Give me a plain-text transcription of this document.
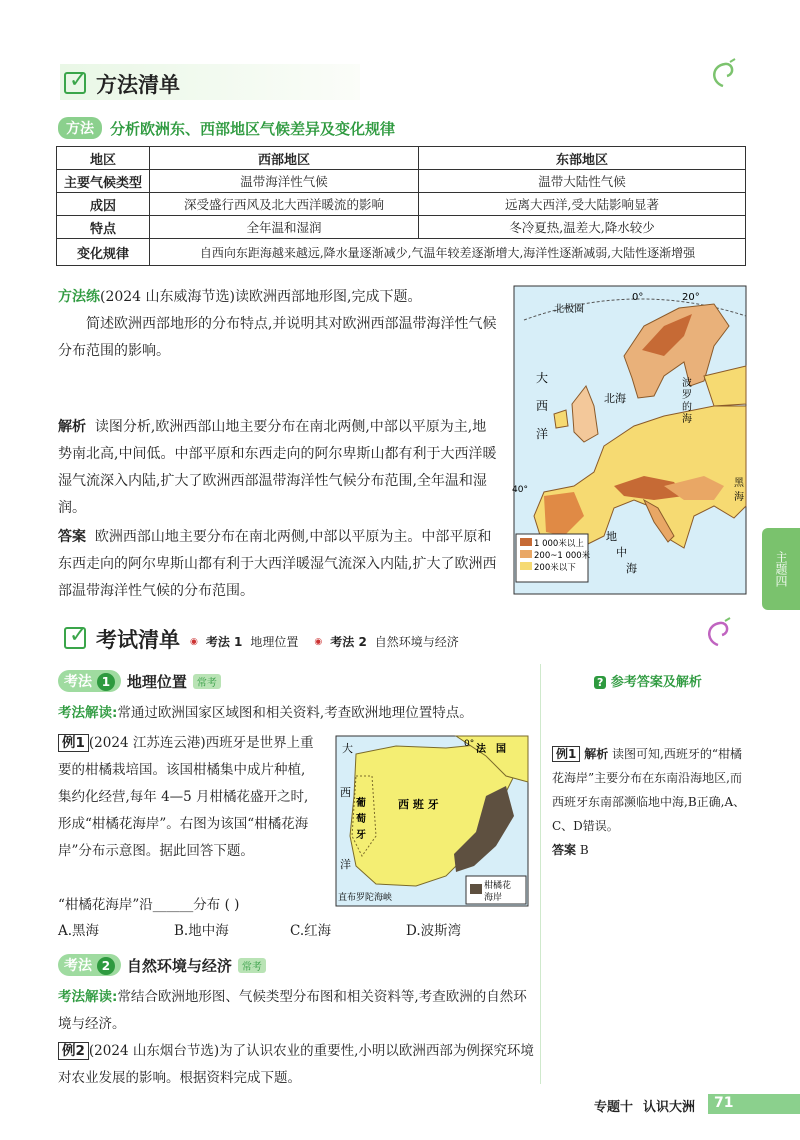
✓ 方法清单
方法	分析欧洲东、西部地区气候差异及变化规律
地区	西部地区	东部地区
主要气候类型	温带海洋性气候	温带大陆性气候
成因	深受盛行西风及北大西洋暖流的影响	远离大西洋,受大陆影响显著
特点	全年温和湿润	冬冷夏热,温差大,降水较少
变化规律	自西向东距海越来越远,降水量逐渐减少,气温年较差逐渐增大,海洋性逐渐减弱,大陆性逐渐增强	
方法练(2024 山东威海节选)读欧洲西部地形图,完成下题。
简述欧洲西部地形的分布特点,并说明其对欧洲西部温带海洋性气候分布范围的影响。
解析 读图分析,欧洲西部山地主要分布在南北两侧,中部以平原为主,地势南北高,中间低。中部平原和东西走向的阿尔卑斯山都有利于大西洋暖湿气流深入内陆,扩大了欧洲西部温带海洋性气候分布范围,全年温和湿润。
答案 欧洲西部山地主要分布在南北两侧,中部以平原为主。中部平原和东西走向的阿尔卑斯山都有利于大西洋暖湿气流深入内陆,扩大了欧洲西部温带海洋性气候的分布范围。
0°	20°
北极圈
大
西
洋
北海
波
罗
的
海
地
中
海
黑
海
40°
1 000米以上
200~1 000米
200米以下	主题四
✓ 考试清单 ◉ 考法 1 地理位置 ◉ 考法 2 自然环境与经济
考法 1	地理位置	常考
考法解读:常通过欧洲国家区域图和相关资料,考查欧洲地理位置特点。
例1 (2024 江苏连云港)西班牙是世界上重要的柑橘栽培国。该国柑橘集中成片种植,集约化经营,每年 4—5 月柑橘花盛开之时,形成“柑橘花海岸”。右图为该国“柑橘花海岸”分布示意图。据此回答下题。
“柑橘花海岸”沿______分布 ( )
A.黑海	B.地中海	C.红海	D.波斯湾
0°
大
西
洋
法 国
西 班 牙
葡
萄
牙
直布罗陀海峡
柑橘花
海岸
考法 2	自然环境与经济	常考
考法解读:常结合欧洲地形图、气候类型分布图和相关资料等,考查欧洲的自然环境与经济。
例2 (2024 山东烟台节选)为了认识农业的重要性,小明以欧洲西部为例探究环境对农业发展的影响。根据资料完成下题。
? 参考答案及解析
例1 解析 读图可知,西班牙的“柑橘花海岸”主要分布在东南沿海地区,而西班牙东南部濒临地中海,B正确,A、C、D错误。
答案 B
专题十 认识大洲 71
